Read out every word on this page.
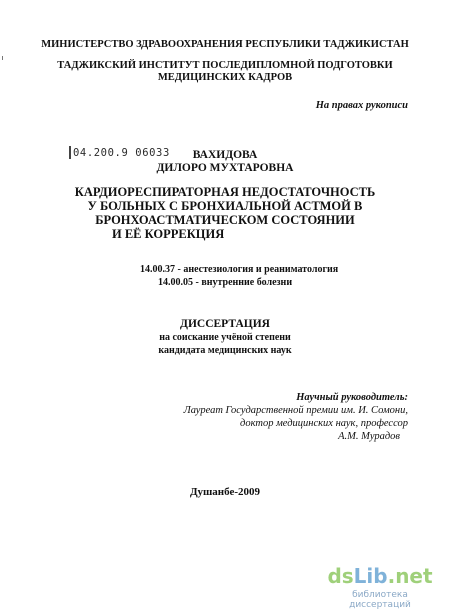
МИНИСТЕРСТВО ЗДРАВООХРАНЕНИЯ РЕСПУБЛИКИ ТАДЖИКИСТАН
ТАДЖИКСКИЙ ИНСТИТУТ ПОСЛЕДИПЛОМНОЙ ПОДГОТОВКИ
МЕДИЦИНСКИХ КАДРОВ
На правах рукописи
04.200.9 06033	ВАХИДОВА
ДИЛОРО МУХТАРОВНА
КАРДИОРЕСПИРАТОРНАЯ НЕДОСТАТОЧНОСТЬ
У БОЛЬНЫХ С БРОНХИАЛЬНОЙ АСТМОЙ В
БРОНХОАСТМАТИЧЕСКОМ СОСТОЯНИИ
И ЕЁ КОРРЕКЦИЯ
14.00.37 - анестезиология и реаниматология
14.00.05 - внутренние болезни
ДИССЕРТАЦИЯ
на соискание учёной степени
кандидата медицинских наук
Научный руководитель:
Лауреат Государственной премии им. И. Сомони,
доктор медицинских наук, профессор
А.М. Мурадов
Душанбе-2009
dsLib.net
библиотека диссертаций
